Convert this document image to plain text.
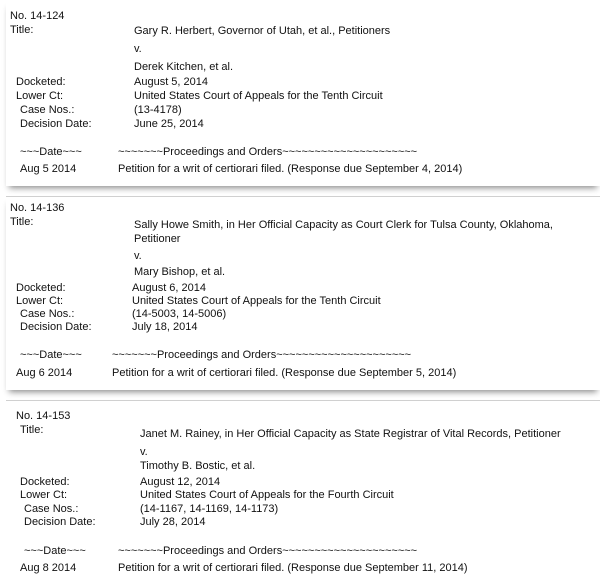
No. 14-124
Title:	Gary R. Herbert, Governor of Utah, et al., Petitioners
v.
Derek Kitchen, et al.
Docketed:	August 5, 2014
Lower Ct:	United States Court of Appeals for the Tenth Circuit
Case Nos.:	(13-4178)
Decision Date:	June 25, 2014
~~~Date~~~	~~~~~~~Proceedings and Orders~~~~~~~~~~~~~~~~~~~~~
Aug 5 2014	Petition for a writ of certiorari filed. (Response due September 4, 2014)
No. 14-136
Title:	Sally Howe Smith, in Her Official Capacity as Court Clerk for Tulsa County, Oklahoma,
Petitioner
v.
Mary Bishop, et al.
Docketed:	August 6, 2014
Lower Ct:	United States Court of Appeals for the Tenth Circuit
Case Nos.:	(14-5003, 14-5006)
Decision Date:	July 18, 2014
~~~Date~~~	~~~~~~~Proceedings and Orders~~~~~~~~~~~~~~~~~~~~~
Aug 6 2014	Petition for a writ of certiorari filed. (Response due September 5, 2014)
No. 14-153
Title:	Janet M. Rainey, in Her Official Capacity as State Registrar of Vital Records, Petitioner
v.
Timothy B. Bostic, et al.
Docketed:	August 12, 2014
Lower Ct:	United States Court of Appeals for the Fourth Circuit
Case Nos.:	(14-1167, 14-1169, 14-1173)
Decision Date:	July 28, 2014
~~~Date~~~	~~~~~~~Proceedings and Orders~~~~~~~~~~~~~~~~~~~~~
Aug 8 2014	Petition for a writ of certiorari filed. (Response due September 11, 2014)
